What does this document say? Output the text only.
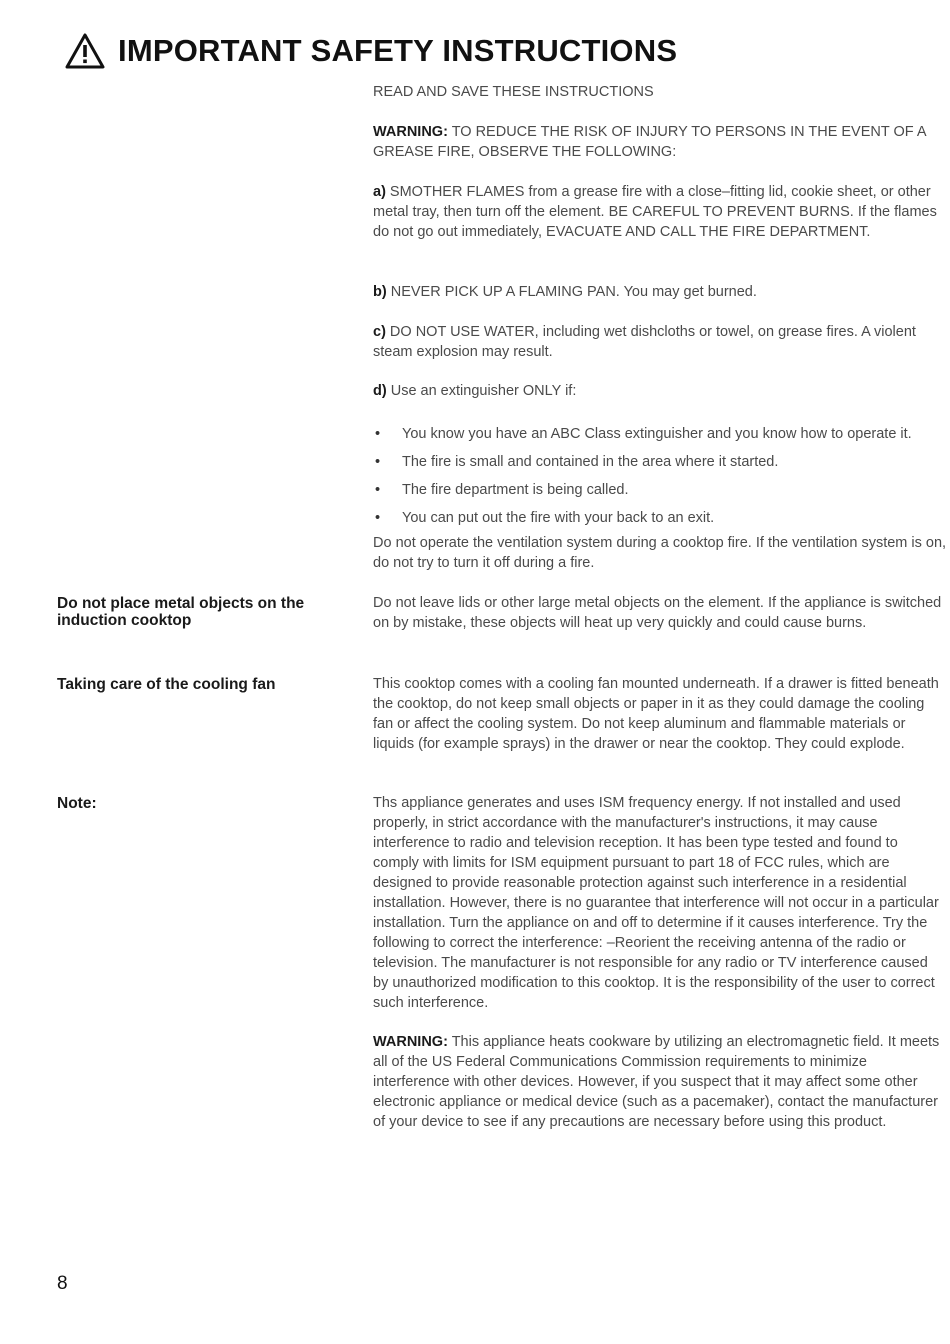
IMPORTANT SAFETY INSTRUCTIONS
READ AND SAVE THESE INSTRUCTIONS
WARNING: TO REDUCE THE RISK OF INJURY TO PERSONS IN THE EVENT OF A GREASE FIRE, OBSERVE THE FOLLOWING:
a) SMOTHER FLAMES from a grease fire with a close–fitting lid, cookie sheet, or other metal tray, then turn off the element. BE CAREFUL TO PREVENT BURNS. If the flames do not go out immediately, EVACUATE AND CALL THE FIRE DEPARTMENT.
b) NEVER PICK UP A FLAMING PAN. You may get burned.
c) DO NOT USE WATER, including wet dishcloths or towel, on grease fires. A violent steam explosion may result.
d) Use an extinguisher ONLY if:
• You know you have an ABC Class extinguisher and you know how to operate it.
• The fire is small and contained in the area where it started.
• The fire department is being called.
• You can put out the fire with your back to an exit.
Do not operate the ventilation system during a cooktop fire. If the ventilation system is on, do not try to turn it off during a fire.
Do not place metal objects on the induction cooktop
Do not leave lids or other large metal objects on the element. If the appliance is switched on by mistake, these objects will heat up very quickly and could cause burns.
Taking care of the cooling fan	This cooktop comes with a cooling fan mounted underneath. If a drawer is fitted beneath the cooktop, do not keep small objects or paper in it as they could damage the cooling fan or affect the cooling system. Do not keep aluminum and flammable materials or liquids (for example sprays) in the drawer or near the cooktop. They could explode.
Note:	Ths appliance generates and uses ISM frequency energy. If not installed and used properly, in strict accordance with the manufacturer's instructions, it may cause interference to radio and television reception. It has been type tested and found to comply with limits for ISM equipment pursuant to part 18 of FCC rules, which are designed to provide reasonable protection against such interference in a residential installation. However, there is no guarantee that interference will not occur in a particular installation. Turn the appliance on and off to determine if it causes interference. Try the following to correct the interference: –Reorient the receiving antenna of the radio or television. The manufacturer is not responsible for any radio or TV interference caused by unauthorized modification to this cooktop. It is the responsibility of the user to correct such interference.
WARNING: This appliance heats cookware by utilizing an electromagnetic field. It meets all of the US Federal Communications Commission requirements to minimize interference with other devices. However, if you suspect that it may affect some other electronic appliance or medical device (such as a pacemaker), contact the manufacturer of your device to see if any precautions are necessary before using this product.
8
